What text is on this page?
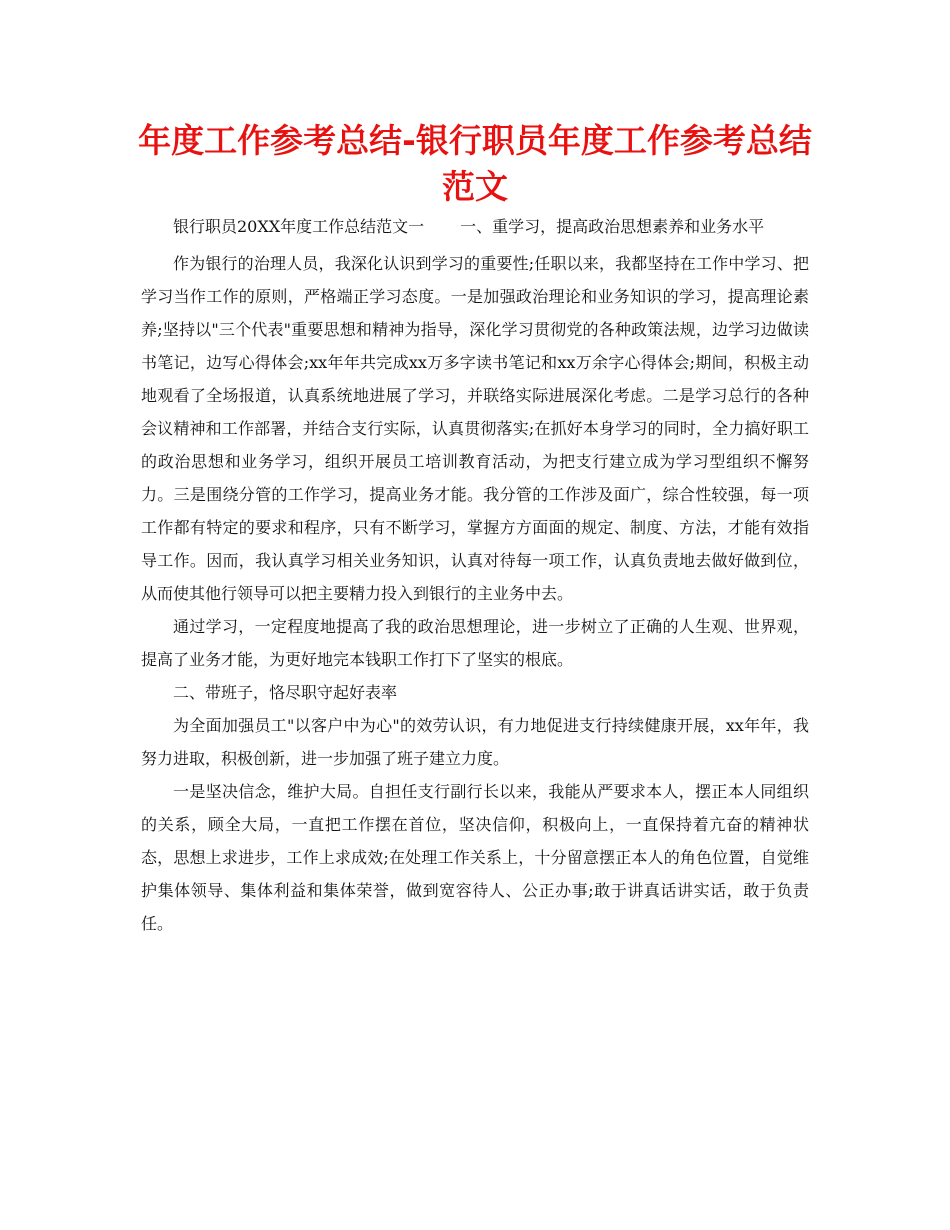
年度工作参考总结-银行职员年度工作参考总结范文

银行职员20XX年度工作总结范文一 一、重学习，提高政治思想素养和业务水平

作为银行的治理人员，我深化认识到学习的重要性;任职以来，我都坚持在工作中学习、把学习当作工作的原则，严格端正学习态度。一是加强政治理论和业务知识的学习，提高理论素养;坚持以"三个代表"重要思想和精神为指导，深化学习贯彻党的各种政策法规，边学习边做读书笔记，边写心得体会;xx年年共完成xx万多字读书笔记和xx万余字心得体会;期间，积极主动地观看了全场报道，认真系统地进展了学习，并联络实际进展深化考虑。二是学习总行的各种会议精神和工作部署，并结合支行实际，认真贯彻落实;在抓好本身学习的同时，全力搞好职工的政治思想和业务学习，组织开展员工培训教育活动，为把支行建立成为学习型组织不懈努力。三是围绕分管的工作学习，提高业务才能。我分管的工作涉及面广，综合性较强，每一项工作都有特定的要求和程序，只有不断学习，掌握方方面面的规定、制度、方法，才能有效指导工作。因而，我认真学习相关业务知识，认真对待每一项工作，认真负责地去做好做到位，从而使其他行领导可以把主要精力投入到银行的主业务中去。

通过学习，一定程度地提高了我的政治思想理论，进一步树立了正确的人生观、世界观，提高了业务才能，为更好地完本钱职工作打下了坚实的根底。

二、带班子，恪尽职守起好表率

为全面加强员工"以客户中为心"的效劳认识，有力地促进支行持续健康开展，xx年年，我努力进取，积极创新，进一步加强了班子建立力度。

一是坚决信念，维护大局。自担任支行副行长以来，我能从严要求本人，摆正本人同组织的关系，顾全大局，一直把工作摆在首位，坚决信仰，积极向上，一直保持着亢奋的精神状态，思想上求进步，工作上求成效;在处理工作关系上，十分留意摆正本人的角色位置，自觉维护集体领导、集体利益和集体荣誉，做到宽容待人、公正办事;敢于讲真话讲实话，敢于负责任。
